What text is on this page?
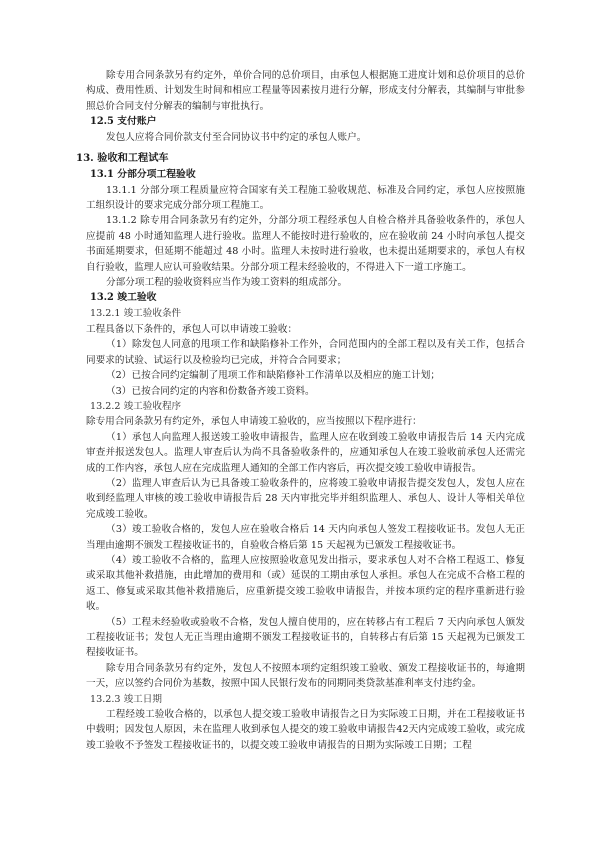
除专用合同条款另有约定外，单价合同的总价项目，由承包人根据施工进度计划和总价项目的总价构成、费用性质、计划发生时间和相应工程量等因素按月进行分解，形成支付分解表，其编制与审批参照总价合同支付分解表的编制与审批执行。

12.5 支付账户

发包人应将合同价款支付至合同协议书中约定的承包人账户。

13. 验收和工程试车
13.1 分部分项工程验收

13.1.1 分部分项工程质量应符合国家有关工程施工验收规范、标准及合同约定，承包人应按照施工组织设计的要求完成分部分项工程施工。

13.1.2 除专用合同条款另有约定外，分部分项工程经承包人自检合格并具备验收条件的，承包人应提前 48 小时通知监理人进行验收。监理人不能按时进行验收的，应在验收前 24 小时向承包人提交书面延期要求，但延期不能超过 48 小时。监理人未按时进行验收，也未提出延期要求的，承包人有权自行验收，监理人应认可验收结果。分部分项工程未经验收的，不得进入下一道工序施工。

分部分项工程的验收资料应当作为竣工资料的组成部分。

13.2 竣工验收
13.2.1 竣工验收条件

工程具备以下条件的，承包人可以申请竣工验收：

（1）除发包人同意的甩项工作和缺陷修补工作外，合同范围内的全部工程以及有关工作，包括合同要求的试验、试运行以及检验均已完成，并符合合同要求；

（2）已按合同约定编制了甩项工作和缺陷修补工作清单以及相应的施工计划；

（3）已按合同约定的内容和份数备齐竣工资料。

13.2.2 竣工验收程序

除专用合同条款另有约定外，承包人申请竣工验收的，应当按照以下程序进行：

（1）承包人向监理人报送竣工验收申请报告，监理人应在收到竣工验收申请报告后 14 天内完成审查并报送发包人。监理人审查后认为尚不具备验收条件的，应通知承包人在竣工验收前承包人还需完成的工作内容，承包人应在完成监理人通知的全部工作内容后，再次提交竣工验收申请报告。

（2）监理人审查后认为已具备竣工验收条件的，应将竣工验收申请报告提交发包人，发包人应在收到经监理人审核的竣工验收申请报告后 28 天内审批完毕并组织监理人、承包人、设计人等相关单位完成竣工验收。

（3）竣工验收合格的，发包人应在验收合格后 14 天内向承包人签发工程接收证书。发包人无正当理由逾期不颁发工程接收证书的，自验收合格后第 15 天起视为已颁发工程接收证书。

（4）竣工验收不合格的，监理人应按照验收意见发出指示，要求承包人对不合格工程返工、修复或采取其他补救措施，由此增加的费用和（或）延误的工期由承包人承担。承包人在完成不合格工程的返工、修复或采取其他补救措施后，应重新提交竣工验收申请报告，并按本项约定的程序重新进行验收。

（5）工程未经验收或验收不合格，发包人擅自使用的，应在转移占有工程后 7 天内向承包人颁发工程接收证书；发包人无正当理由逾期不颁发工程接收证书的，自转移占有后第 15 天起视为已颁发工程接收证书。

除专用合同条款另有约定外，发包人不按照本项约定组织竣工验收、颁发工程接收证书的，每逾期一天，应以签约合同价为基数，按照中国人民银行发布的同期同类贷款基准利率支付违约金。

13.2.3 竣工日期

工程经竣工验收合格的，以承包人提交竣工验收申请报告之日为实际竣工日期，并在工程接收证书中载明；因发包人原因，未在监理人收到承包人提交的竣工验收申请报告42天内完成竣工验收，或完成竣工验收不予签发工程接收证书的，以提交竣工验收申请报告的日期为实际竣工日期；工程
